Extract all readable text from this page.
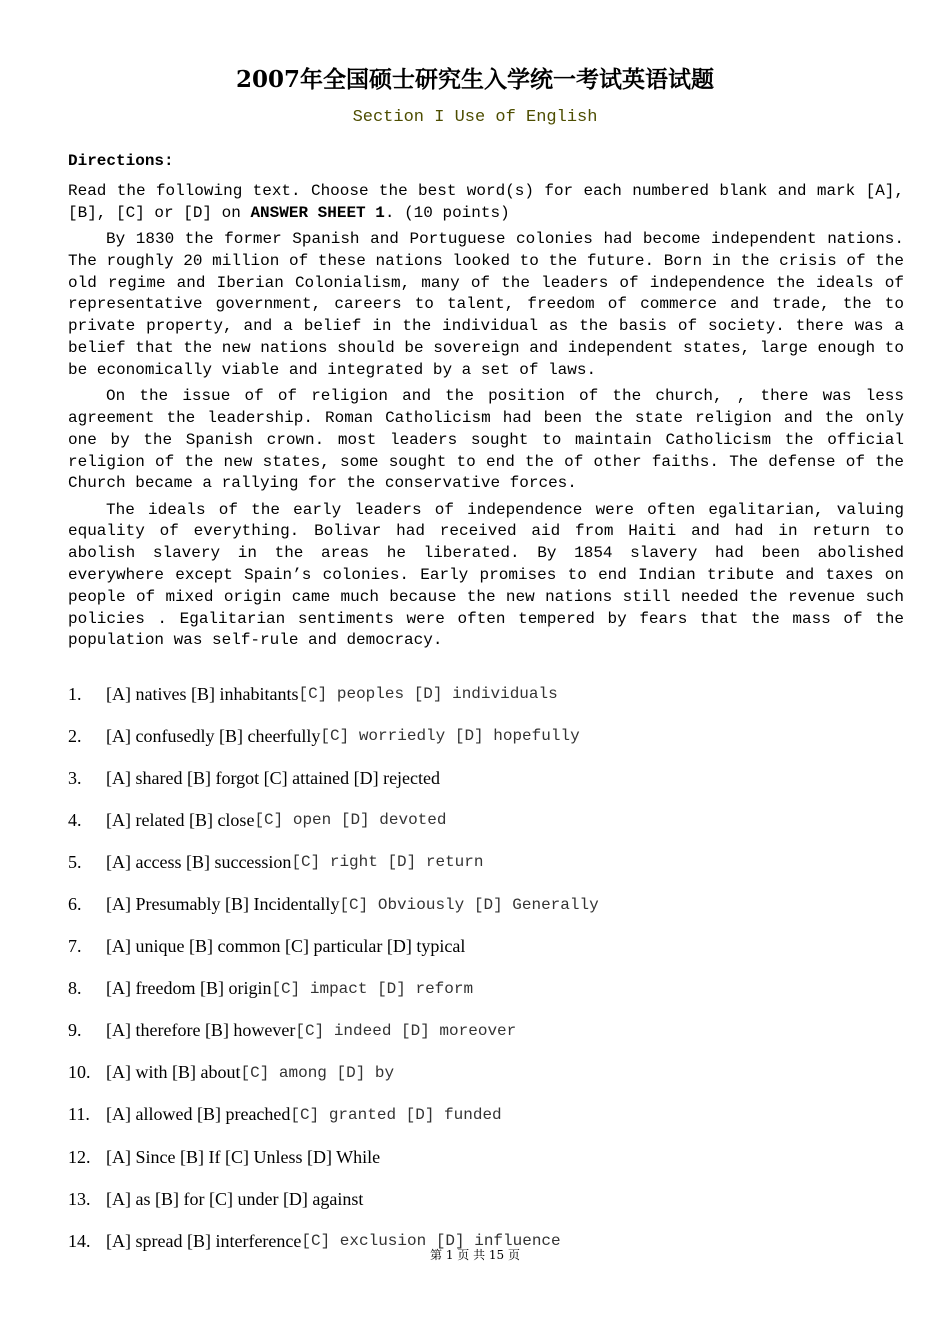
2007年全国硕士研究生入学统一考试英语试题
Section I Use of English
Directions:

Read the following text. Choose the best word(s) for each numbered blank and mark [A], [B], [C] or [D] on ANSWER SHEET 1. (10 points)

By 1830 the former Spanish and Portuguese colonies had become independent nations. The roughly 20 million of these nations looked to the future. Born in the crisis of the old regime and Iberian Colonialism, many of the leaders of independence the ideals of representative government, careers to talent, freedom of commerce and trade, the to private property, and a belief in the individual as the basis of society. there was a belief that the new nations should be sovereign and independent states, large enough to be economically viable and integrated by a set of laws.

On the issue of of religion and the position of the church, , there was less agreement the leadership. Roman Catholicism had been the state religion and the only one by the Spanish crown. most leaders sought to maintain Catholicism the official religion of the new states, some sought to end the of other faiths. The defense of the Church became a rallying for the conservative forces.

The ideals of the early leaders of independence were often egalitarian, valuing equality of everything. Bolivar had received aid from Haiti and had in return to abolish slavery in the areas he liberated. By 1854 slavery had been abolished everywhere except Spain’s colonies. Early promises to end Indian tribute and taxes on people of mixed origin came much because the new nations still needed the revenue such policies . Egalitarian sentiments were often tempered by fears that the mass of the population was self-rule and democracy.

1.	[A] natives [B] inhabitants [C] peoples [D] individuals
2.	[A] confusedly [B] cheerfully [C] worriedly [D] hopefully
3.	[A] shared [B] forgot [C] attained [D] rejected
4.	[A] related [B] close [C] open [D] devoted
5.	[A] access [B] succession [C] right [D] return
6.	[A] Presumably [B] Incidentally [C] Obviously [D] Generally
7.	[A] unique [B] common [C] particular [D] typical
8.	[A] freedom [B] origin [C] impact [D] reform
9.	[A] therefore [B] however [C] indeed [D] moreover
10. [A] with [B] about [C] among [D] by
11. [A] allowed [B] preached [C] granted [D] funded
12. [A] Since [B] If [C] Unless [D] While
13. [A] as [B] for [C] under [D] against
14. [A] spread [B] interference [C] exclusion [D] influence
第 1 页 共 15 页
